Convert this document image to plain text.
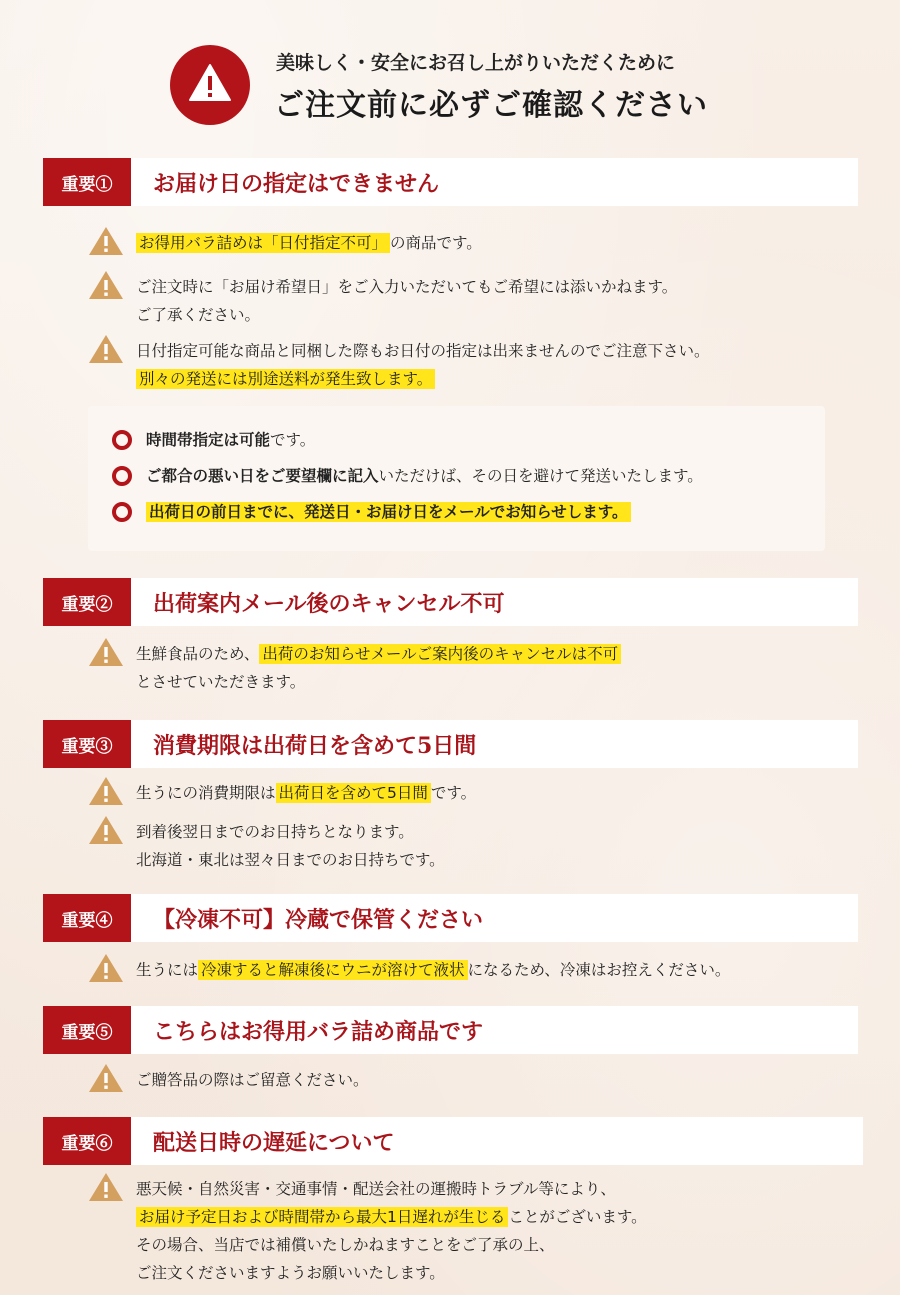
美味しく・安全にお召し上がりいただくために
ご注文前に必ずご確認ください
重要①	お届け日の指定はできません
お得用バラ詰めは「日付指定不可」 の商品です。
ご注文時に「お届け希望日」をご入力いただいてもご希望には添いかねます。
ご了承ください。
日付指定可能な商品と同梱した際もお日付の指定は出来ませんのでご注意下さい。
別々の発送には別途送料が発生致します。
時間帯指定は可能です。
ご都合の悪い日をご要望欄に記入いただけば、その日を避けて発送いたします。
出荷日の前日までに、発送日・お届け日をメールでお知らせします。
重要②	出荷案内メール後のキャンセル不可
生鮮食品のため、 出荷のお知らせメールご案内後のキャンセルは不可
とさせていただきます。
重要③	消費期限は出荷日を含めて5日間
生うにの消費期限は 出荷日を含めて5日間 です。
到着後翌日までのお日持ちとなります。
北海道・東北は翌々日までのお日持ちです。
重要④	【冷凍不可】冷蔵で保管ください
生うには 冷凍すると解凍後にウニが溶けて液状 になるため、冷凍はお控えください。
重要⑤	こちらはお得用バラ詰め商品です
ご贈答品の際はご留意ください。
重要⑥	配送日時の遅延について
悪天候・自然災害・交通事情・配送会社の運搬時トラブル等により、
お届け予定日および時間帯から最大1日遅れが生じる ことがございます。
その場合、当店では補償いたしかねますことをご了承の上、
ご注文くださいますようお願いいたします。
